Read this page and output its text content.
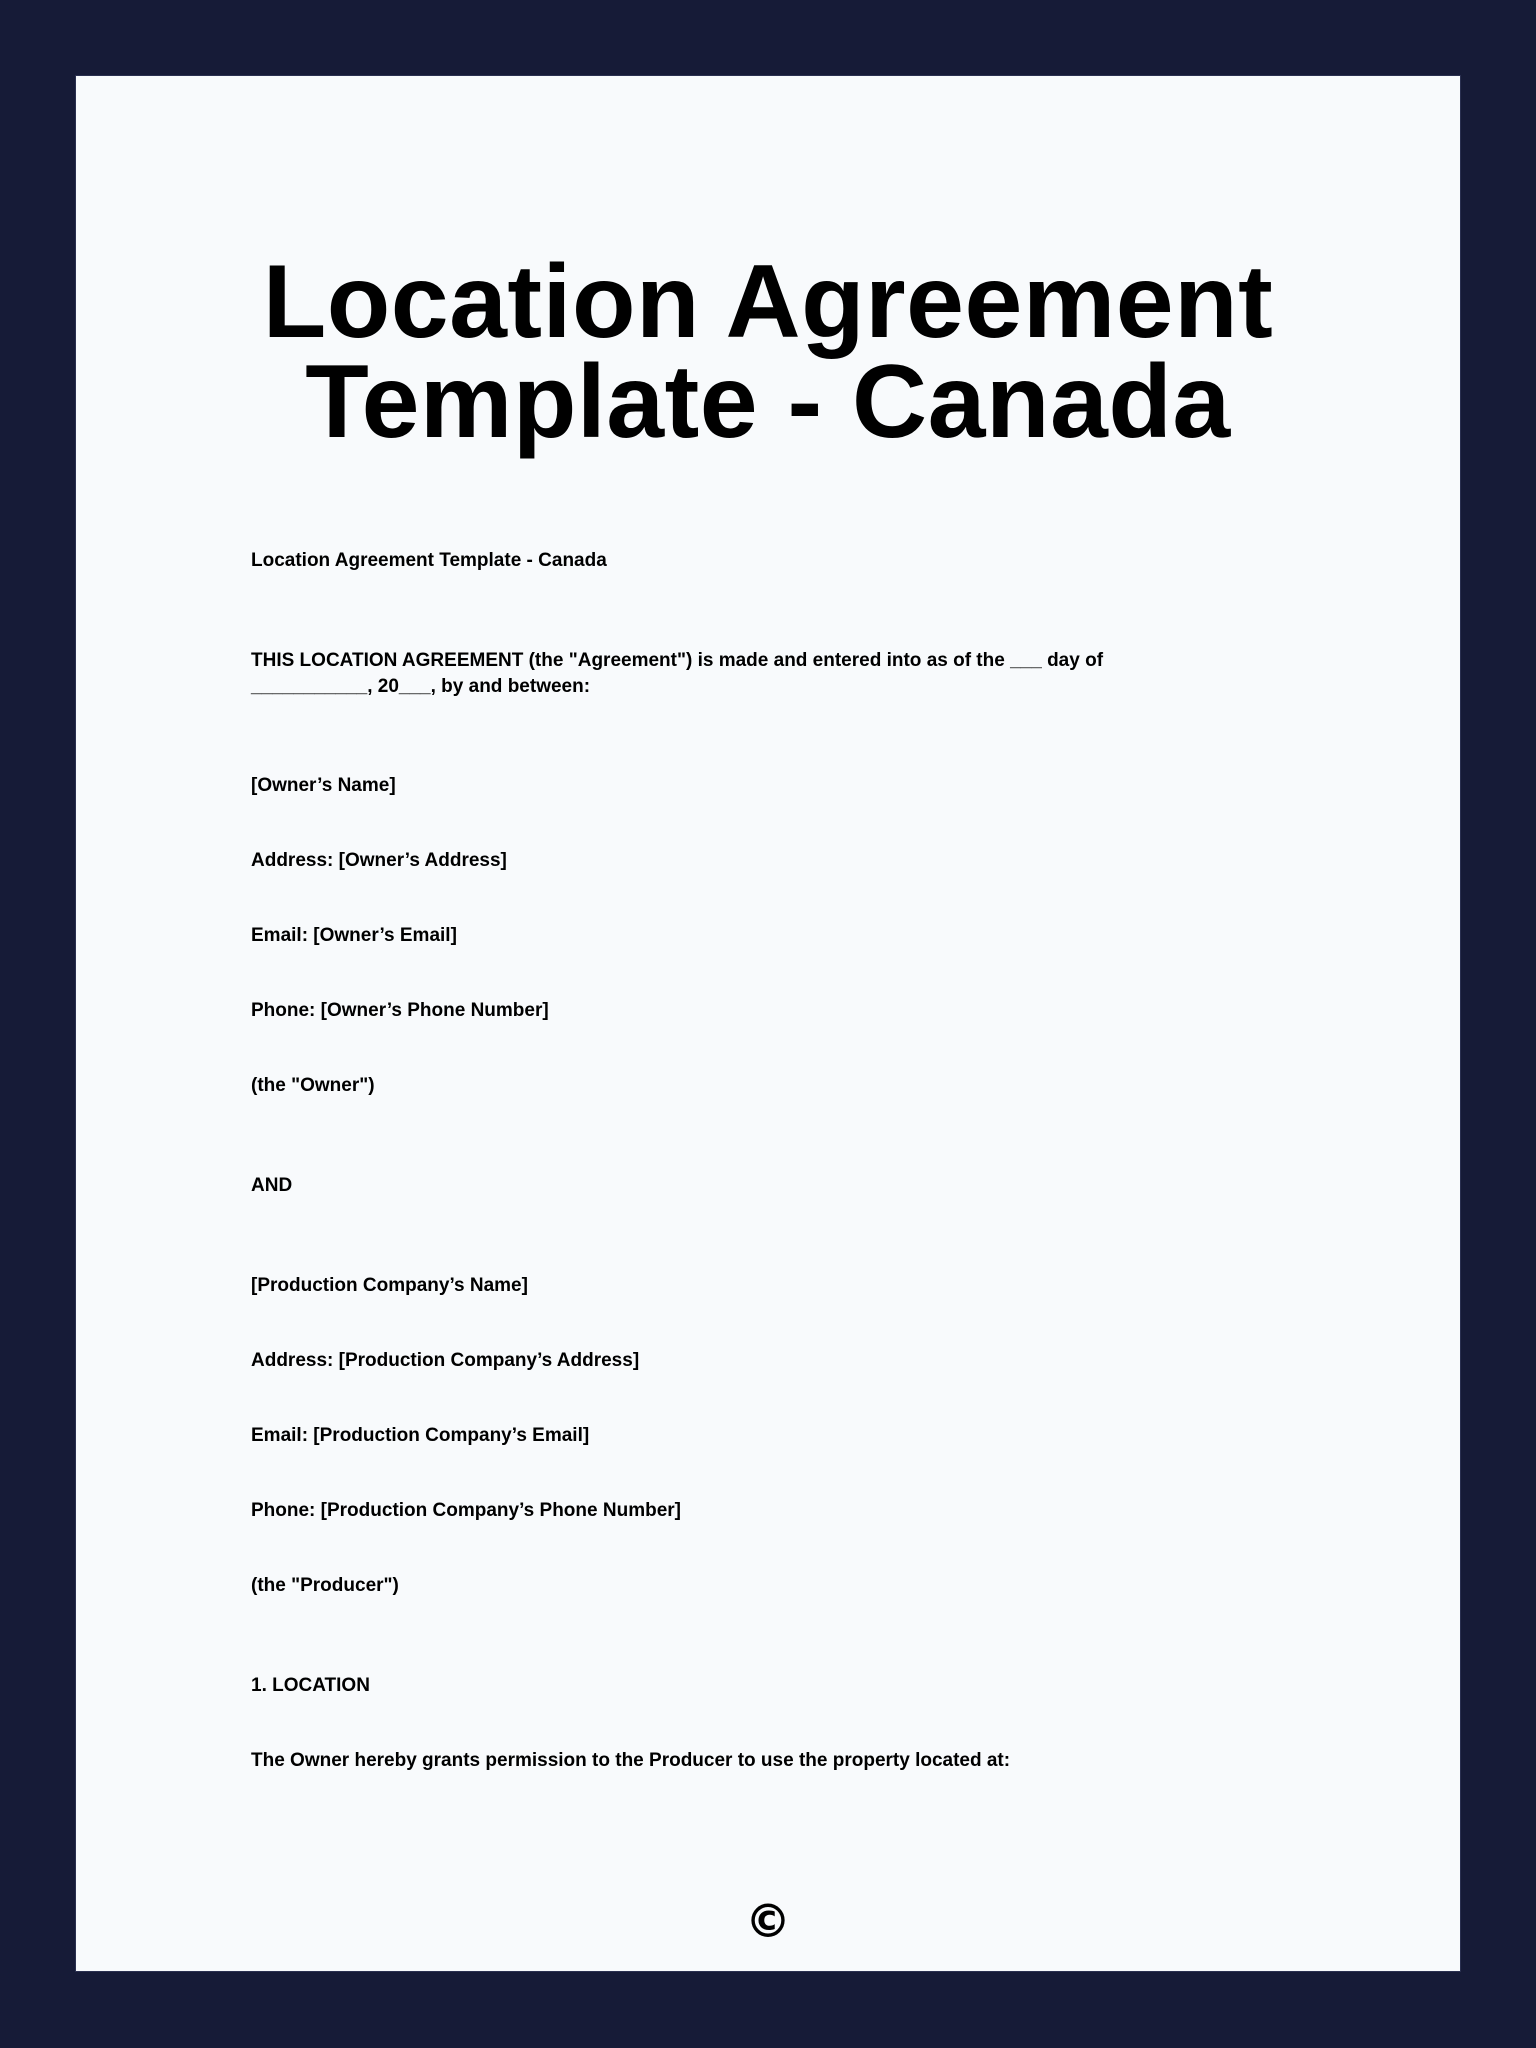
Location Agreement
Template - Canada

Location Agreement Template - Canada

THIS LOCATION AGREEMENT (the "Agreement") is made and entered into as of the ___ day of

___________, 20___, by and between:

[Owner’s Name]

Address: [Owner’s Address]

Email: [Owner’s Email]

Phone: [Owner’s Phone Number]

(the "Owner")

AND

[Production Company’s Name]

Address: [Production Company’s Address]

Email: [Production Company’s Email]

Phone: [Production Company’s Phone Number]

(the "Producer")

1. LOCATION

The Owner hereby grants permission to the Producer to use the property located at:

©
